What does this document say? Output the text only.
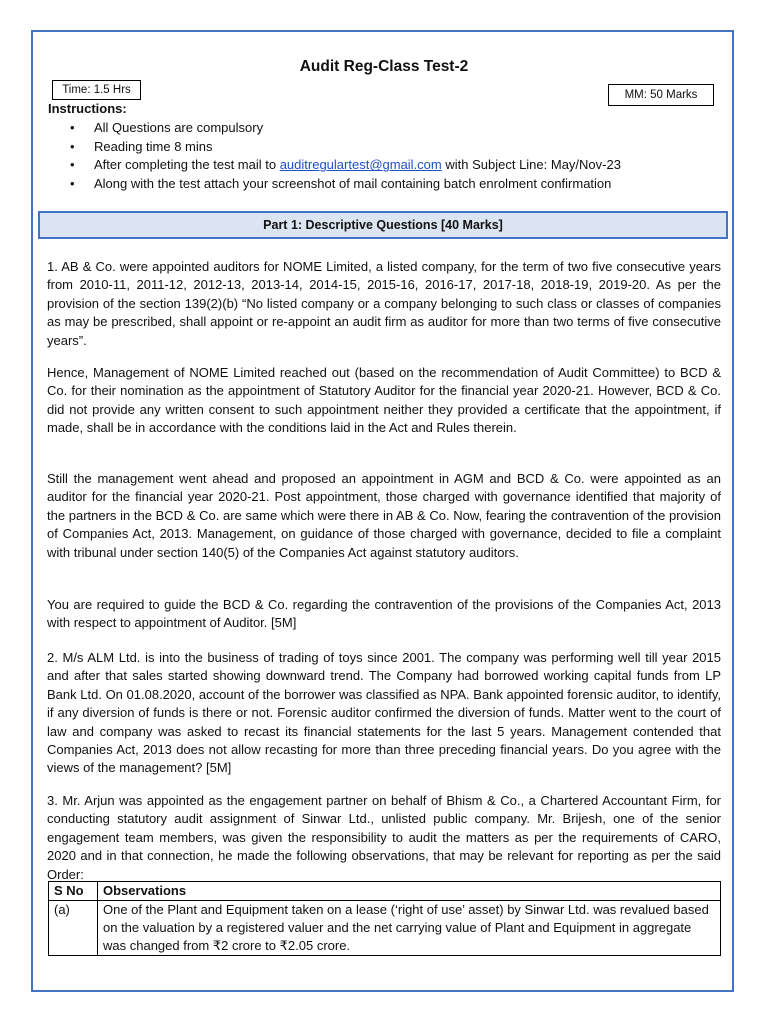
Audit Reg-Class Test-2
Time: 1.5 Hrs	MM: 50 Marks
Instructions:
• All Questions are compulsory
• Reading time 8 mins
• After completing the test mail to auditregulartest@gmail.com with Subject Line: May/Nov-23
• Along with the test attach your screenshot of mail containing batch enrolment confirmation
Part 1: Descriptive Questions [40 Marks]
1. AB & Co. were appointed auditors for NOME Limited, a listed company, for the term of two five consecutive years from 2010-11, 2011-12, 2012-13, 2013-14, 2014-15, 2015-16, 2016-17, 2017-18, 2018-19, 2019-20. As per the provision of the section 139(2)(b) “No listed company or a company belonging to such class or classes of companies as may be prescribed, shall appoint or re-appoint an audit firm as auditor for more than two terms of five consecutive years”.
Hence, Management of NOME Limited reached out (based on the recommendation of Audit Committee) to BCD & Co. for their nomination as the appointment of Statutory Auditor for the financial year 2020-21. However, BCD & Co. did not provide any written consent to such appointment neither they provided a certificate that the appointment, if made, shall be in accordance with the conditions laid in the Act and Rules therein.
Still the management went ahead and proposed an appointment in AGM and BCD & Co. were appointed as an auditor for the financial year 2020-21. Post appointment, those charged with governance identified that majority of the partners in the BCD & Co. are same which were there in AB & Co. Now, fearing the contravention of the provision of Companies Act, 2013. Management, on guidance of those charged with governance, decided to file a complaint with tribunal under section 140(5) of the Companies Act against statutory auditors.
You are required to guide the BCD & Co. regarding the contravention of the provisions of the Companies Act, 2013 with respect to appointment of Auditor. [5M]
2. M/s ALM Ltd. is into the business of trading of toys since 2001. The company was performing well till year 2015 and after that sales started showing downward trend. The Company had borrowed working capital funds from LP Bank Ltd. On 01.08.2020, account of the borrower was classified as NPA. Bank appointed forensic auditor, to identify, if any diversion of funds is there or not. Forensic auditor confirmed the diversion of funds. Matter went to the court of law and company was asked to recast its financial statements for the last 5 years. Management contended that Companies Act, 2013 does not allow recasting for more than three preceding financial years. Do you agree with the views of the management? [5M]
3. Mr. Arjun was appointed as the engagement partner on behalf of Bhism & Co., a Chartered Accountant Firm, for conducting statutory audit assignment of Sinwar Ltd., unlisted public company. Mr. Brijesh, one of the senior engagement team members, was given the responsibility to audit the matters as per the requirements of CARO, 2020 and in that connection, he made the following observations, that may be relevant for reporting as per the said Order:
S No	Observations
(a)	One of the Plant and Equipment taken on a lease (‘right of use’ asset) by Sinwar Ltd. was revalued based on the valuation by a registered valuer and the net carrying value of Plant and Equipment in aggregate was changed from ₹2 crore to ₹2.05 crore.
